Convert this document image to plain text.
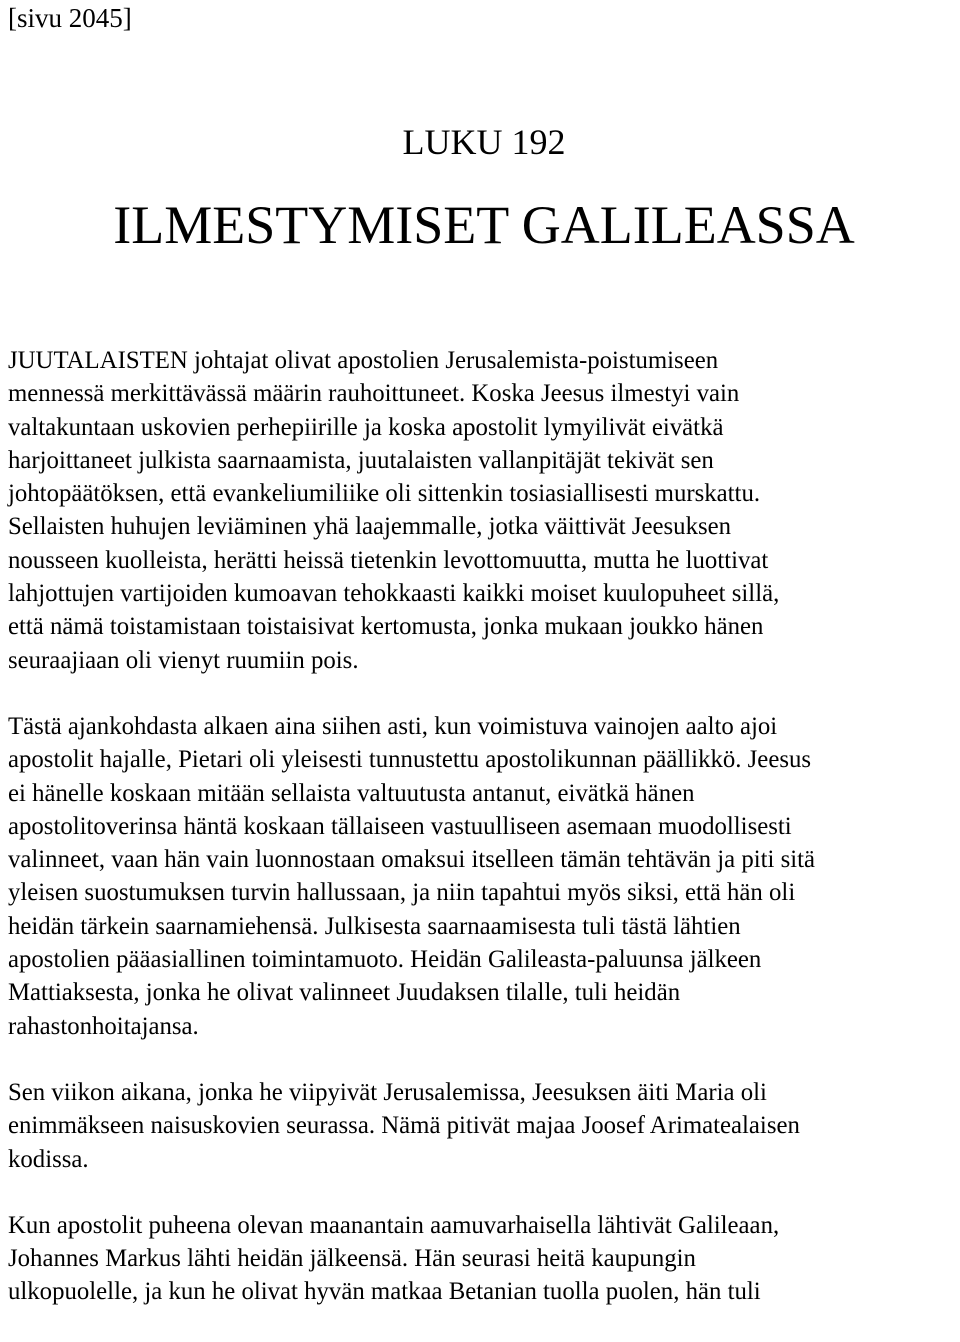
[sivu 2045]
LUKU 192
ILMESTYMISET GALILEASSA

JUUTALAISTEN johtajat olivat apostolien Jerusalemista-poistumiseen
mennessä merkittävässä määrin rauhoittuneet. Koska Jeesus ilmestyi vain
valtakuntaan uskovien perhepiirille ja koska apostolit lymyilivät eivätkä
harjoittaneet julkista saarnaamista, juutalaisten vallanpitäjät tekivät sen
johtopäätöksen, että evankeliumiliike oli sittenkin tosiasiallisesti murskattu.
Sellaisten huhujen leviäminen yhä laajemmalle, jotka väittivät Jeesuksen
nousseen kuolleista, herätti heissä tietenkin levottomuutta, mutta he luottivat
lahjottujen vartijoiden kumoavan tehokkaasti kaikki moiset kuulopuheet sillä,
että nämä toistamistaan toistaisivat kertomusta, jonka mukaan joukko hänen
seuraajiaan oli vienyt ruumiin pois.

Tästä ajankohdasta alkaen aina siihen asti, kun voimistuva vainojen aalto ajoi
apostolit hajalle, Pietari oli yleisesti tunnustettu apostolikunnan päällikkö. Jeesus
ei hänelle koskaan mitään sellaista valtuutusta antanut, eivätkä hänen
apostolitoverinsa häntä koskaan tällaiseen vastuulliseen asemaan muodollisesti
valinneet, vaan hän vain luonnostaan omaksui itselleen tämän tehtävän ja piti sitä
yleisen suostumuksen turvin hallussaan, ja niin tapahtui myös siksi, että hän oli
heidän tärkein saarnamiehensä. Julkisesta saarnaamisesta tuli tästä lähtien
apostolien pääasiallinen toimintamuoto. Heidän Galileasta-paluunsa jälkeen
Mattiaksesta, jonka he olivat valinneet Juudaksen tilalle, tuli heidän
rahastonhoitajansa.

Sen viikon aikana, jonka he viipyivät Jerusalemissa, Jeesuksen äiti Maria oli
enimmäkseen naisuskovien seurassa. Nämä pitivät majaa Joosef Arimatealaisen
kodissa.

Kun apostolit puheena olevan maanantain aamuvarhaisella lähtivät Galileaan,
Johannes Markus lähti heidän jälkeensä. Hän seurasi heitä kaupungin
ulkopuolelle, ja kun he olivat hyvän matkaa Betanian tuolla puolen, hän tuli
